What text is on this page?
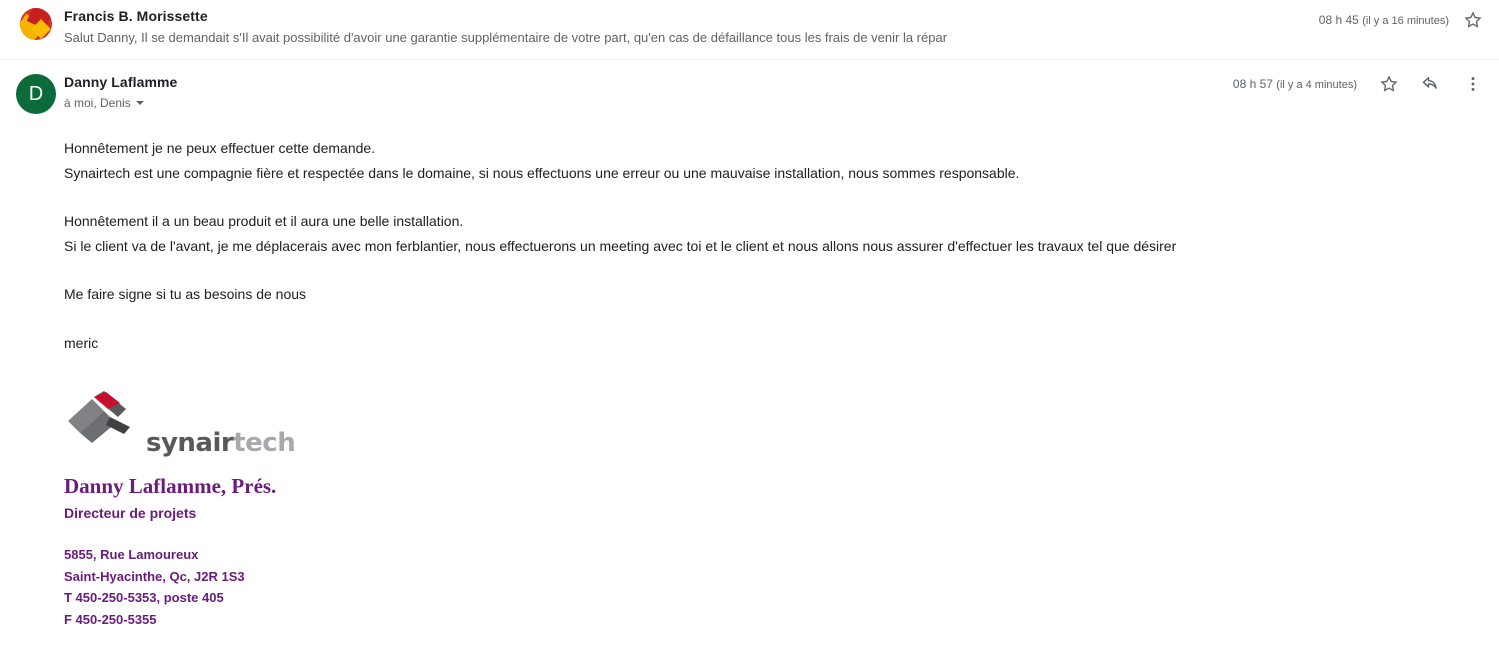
Francis B. Morissette
Salut Danny, Il se demandait s'Il avait possibilité d'avoir une garantie supplémentaire de votre part, qu'en cas de défaillance tous les frais de venir la répar
08 h 45 (il y a 16 minutes)
D
Danny Laflamme
à moi, Denis
08 h 57 (il y a 4 minutes)

Honnêtement je ne peux effectuer cette demande.

Synairtech est une compagnie fière et respectée dans le domaine, si nous effectuons une erreur ou une mauvaise installation, nous sommes responsable.

Honnêtement il a un beau produit et il aura une belle installation.

Si le client va de l'avant, je me déplacerais avec mon ferblantier, nous effectuerons un meeting avec toi et le client et nous allons nous assurer d'effectuer les travaux tel que désirer

Me faire signe si tu as besoins de nous

meric

synairtech
Danny Laflamme, Prés.
Directeur de projets
5855, Rue Lamoureux
Saint-Hyacinthe, Qc, J2R 1S3
T 450-250-5353, poste 405
F 450-250-5355
